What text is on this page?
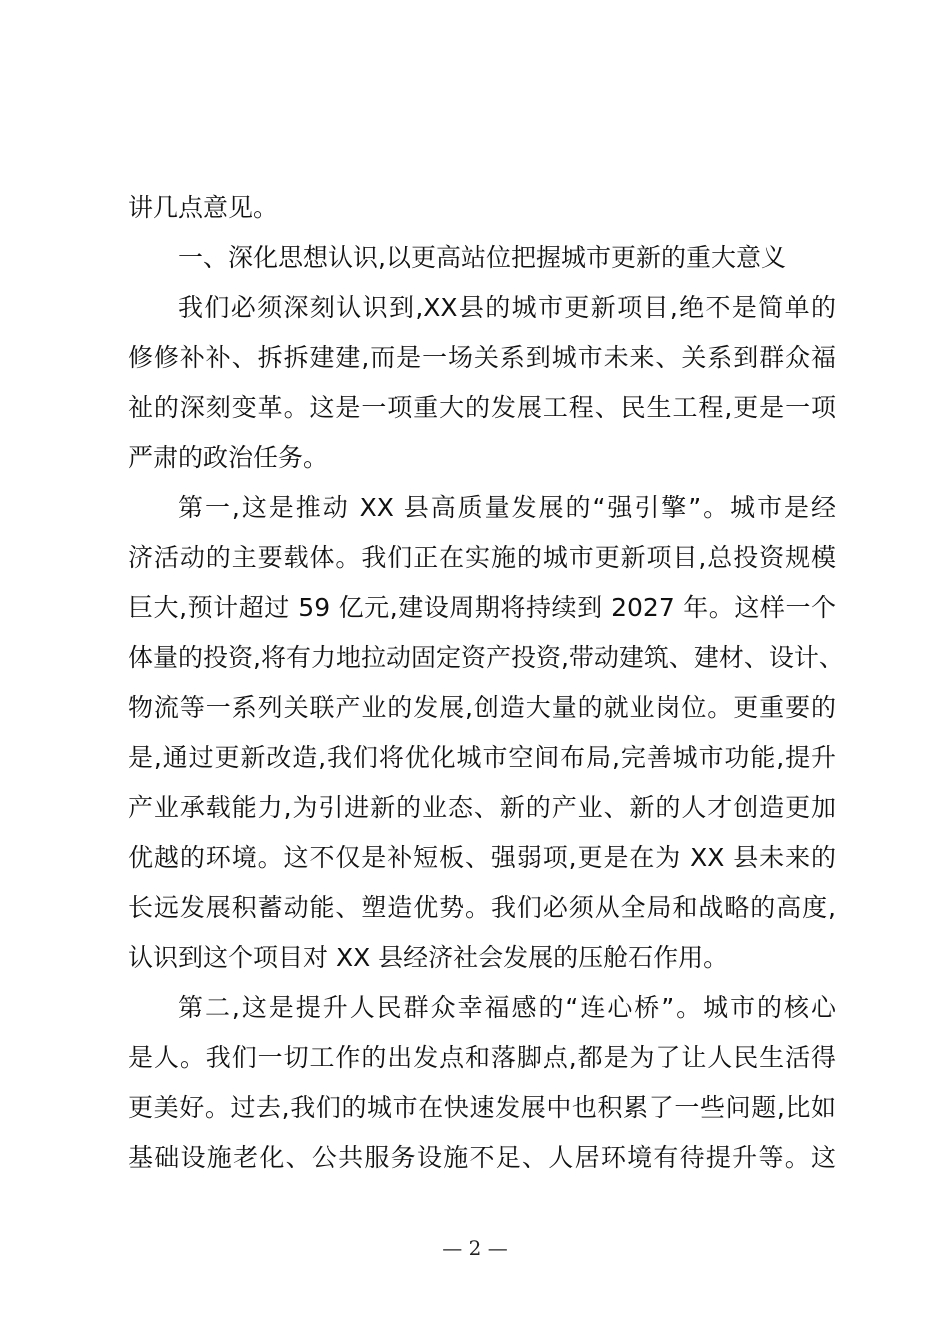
讲几点意见。
一、深化思想认识,以更高站位把握城市更新的重大意义
我们必须深刻认识到,XX县的城市更新项目,绝不是简单的
修修补补、拆拆建建,而是一场关系到城市未来、关系到群众福
祉的深刻变革。这是一项重大的发展工程、民生工程,更是一项
严肃的政治任务。
第一,这是推动 XX 县高质量发展的“强引擎”。城市是经
济活动的主要载体。我们正在实施的城市更新项目,总投资规模
巨大,预计超过 59 亿元,建设周期将持续到 2027 年。这样一个
体量的投资,将有力地拉动固定资产投资,带动建筑、建材、设计、
物流等一系列关联产业的发展,创造大量的就业岗位。更重要的
是,通过更新改造,我们将优化城市空间布局,完善城市功能,提升
产业承载能力,为引进新的业态、新的产业、新的人才创造更加
优越的环境。这不仅是补短板、强弱项,更是在为 XX 县未来的
长远发展积蓄动能、塑造优势。我们必须从全局和战略的高度,
认识到这个项目对 XX 县经济社会发展的压舱石作用。
第二,这是提升人民群众幸福感的“连心桥”。城市的核心
是人。我们一切工作的出发点和落脚点,都是为了让人民生活得
更美好。过去,我们的城市在快速发展中也积累了一些问题,比如
基础设施老化、公共服务设施不足、人居环境有待提升等。这
— 2 —
